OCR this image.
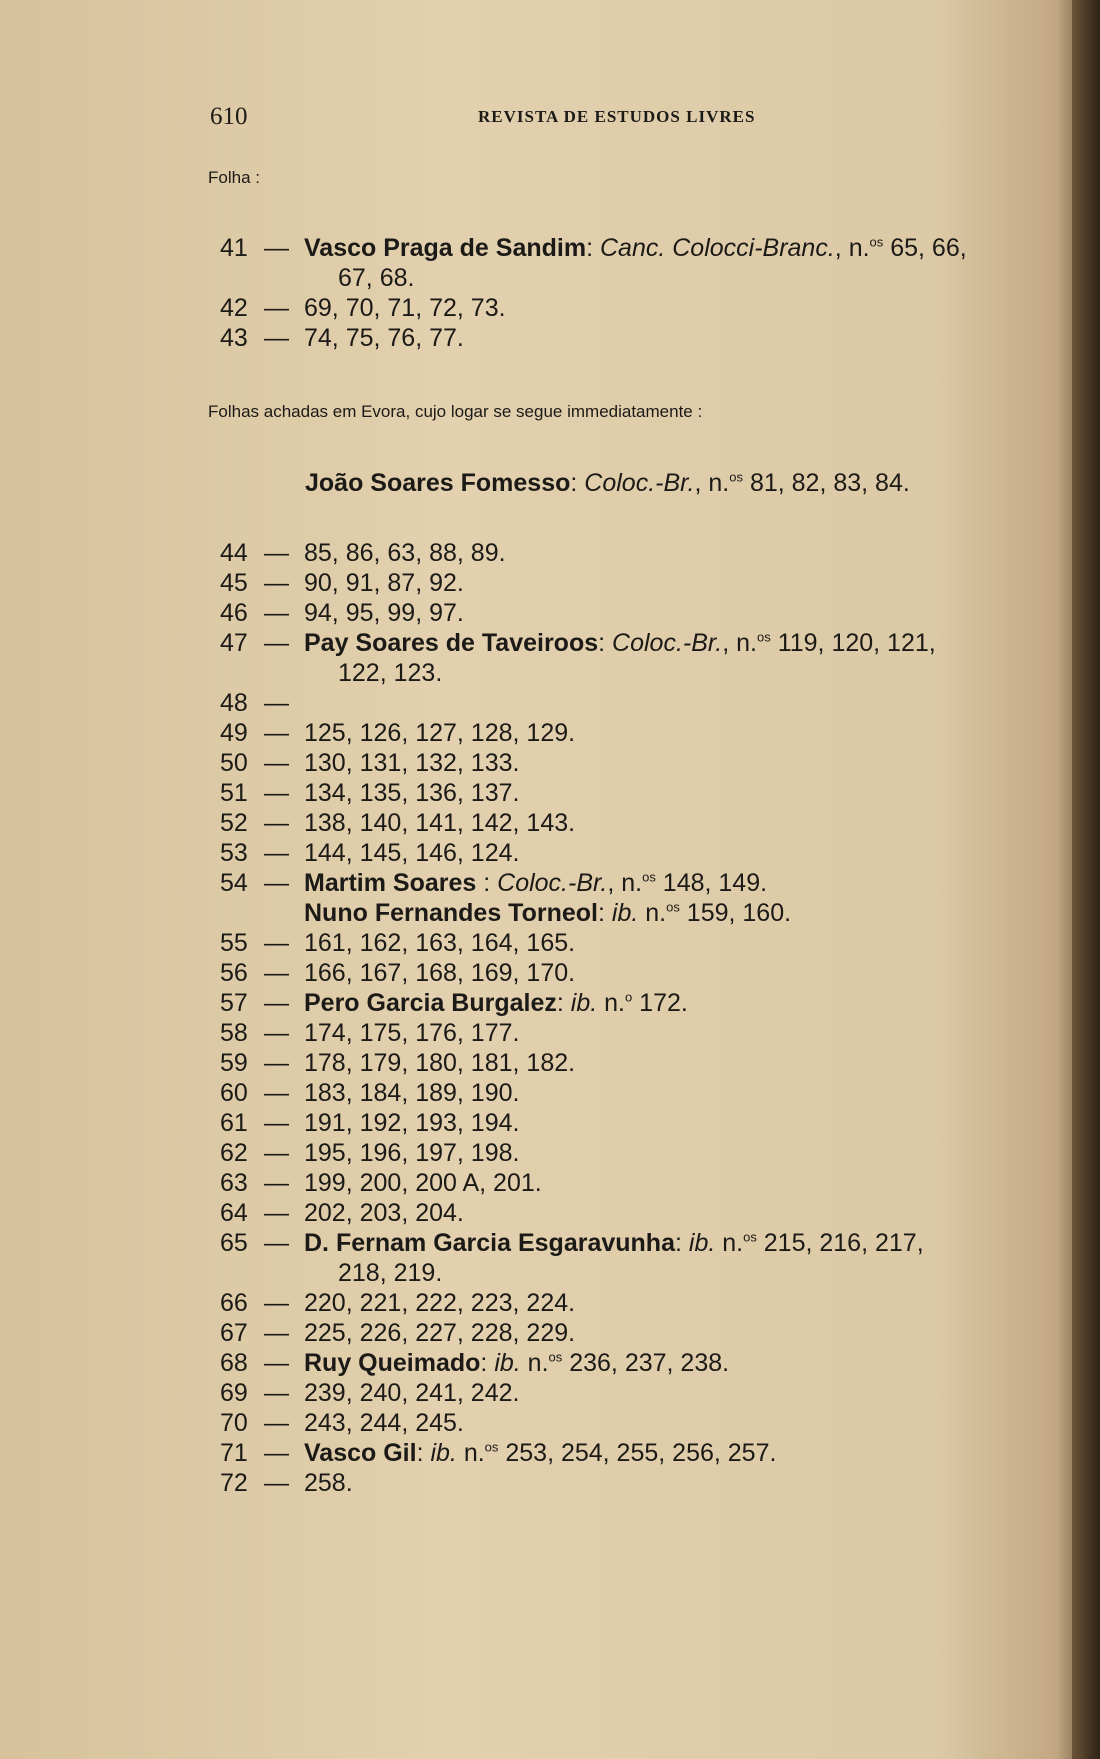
610	REVISTA DE ESTUDOS LIVRES
Folha :
41 — Vasco Praga de Sandim: Canc. Colocci-Branc., n.$^{os}$ 65, 66,
67, 68.
42 — 69, 70, 71, 72, 73.
43 — 74, 75, 76, 77.
Folhas achadas em Evora, cujo logar se segue immediatamente :
João Soares Fomesso: Coloc.-Br., n.$^{os}$ 81, 82, 83, 84.
44 — 85, 86, 63, 88, 89.
45 — 90, 91, 87, 92.
46 — 94, 95, 99, 97.
47 — Pay Soares de Taveiroos: Coloc.-Br., n.$^{os}$ 119, 120, 121,
122, 123.
48 —
49 — 125, 126, 127, 128, 129.
50 — 130, 131, 132, 133.
51 — 134, 135, 136, 137.
52 — 138, 140, 141, 142, 143.
53 — 144, 145, 146, 124.
54 — Martim Soares : Coloc.-Br., n.$^{os}$ 148, 149.
Nuno Fernandes Torneol: ib. n.$^{os}$ 159, 160.
55 — 161, 162, 163, 164, 165.
56 — 166, 167, 168, 169, 170.
57 — Pero Garcia Burgalez: ib. n.$^o$ 172.
58 — 174, 175, 176, 177.
59 — 178, 179, 180, 181, 182.
60 — 183, 184, 189, 190.
61 — 191, 192, 193, 194.
62 — 195, 196, 197, 198.
63 — 199, 200, 200 A, 201.
64 — 202, 203, 204.
65 — D. Fernam Garcia Esgaravunha: ib. n.$^{os}$ 215, 216, 217,
218, 219.
66 — 220, 221, 222, 223, 224.
67 — 225, 226, 227, 228, 229.
68 — Ruy Queimado: ib. n.$^{os}$ 236, 237, 238.
69 — 239, 240, 241, 242.
70 — 243, 244, 245.
71 — Vasco Gil: ib. n.$^{os}$ 253, 254, 255, 256, 257.
72 — 258.
